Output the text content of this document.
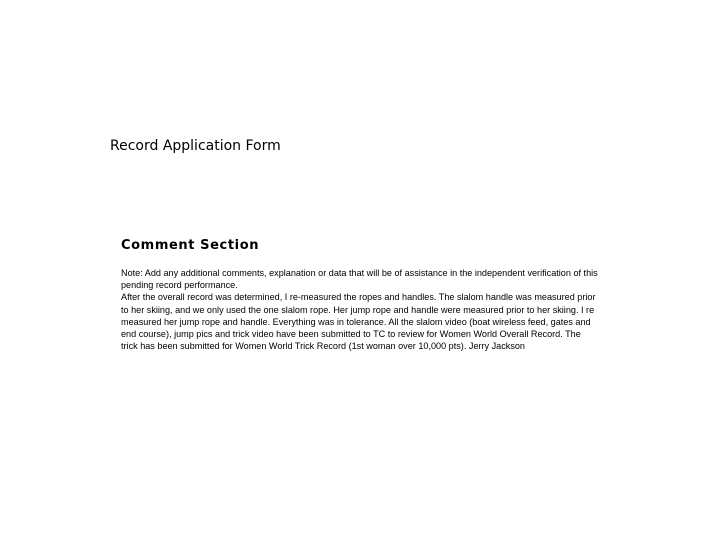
Record Application Form
Comment Section

Note: Add any additional comments, explanation or data that will be of assistance in the independent verification of this pending record performance.

After the overall record was determined, I re-measured the ropes and handles. The slalom handle was measured prior to her skiing, and we only used the one slalom rope. Her jump rope and handle were measured prior to her skiing. I re measured her jump rope and handle. Everything was in tolerance. All the slalom video (boat wireless feed, gates and end course), jump pics and trick video have been submitted to TC to review for Women World Overall Record. The trick has been submitted for Women World Trick Record (1st woman over 10,000 pts). Jerry Jackson
